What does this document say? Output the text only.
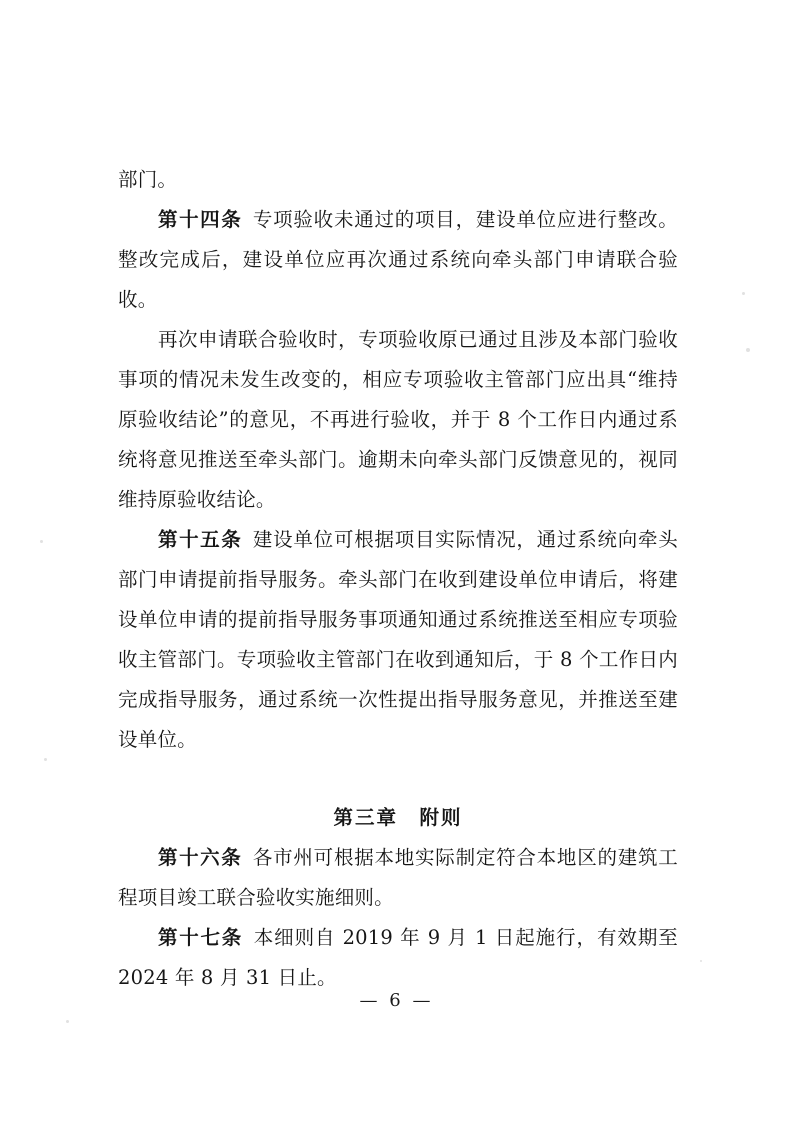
部门。

第十四条 专项验收未通过的项目，建设单位应进行整改。整改完成后，建设单位应再次通过系统向牵头部门申请联合验收。

再次申请联合验收时，专项验收原已通过且涉及本部门验收事项的情况未发生改变的，相应专项验收主管部门应出具“维持原验收结论”的意见，不再进行验收，并于 8 个工作日内通过系统将意见推送至牵头部门。逾期未向牵头部门反馈意见的，视同维持原验收结论。

第十五条 建设单位可根据项目实际情况，通过系统向牵头部门申请提前指导服务。牵头部门在收到建设单位申请后，将建设单位申请的提前指导服务事项通知通过系统推送至相应专项验收主管部门。专项验收主管部门在收到通知后，于 8 个工作日内完成指导服务，通过系统一次性提出指导服务意见，并推送至建设单位。

第三章　附则

第十六条 各市州可根据本地实际制定符合本地区的建筑工程项目竣工联合验收实施细则。

第十七条 本细则自 2019 年 9 月 1 日起施行，有效期至 2024 年 8 月 31 日止。

— 6 —
